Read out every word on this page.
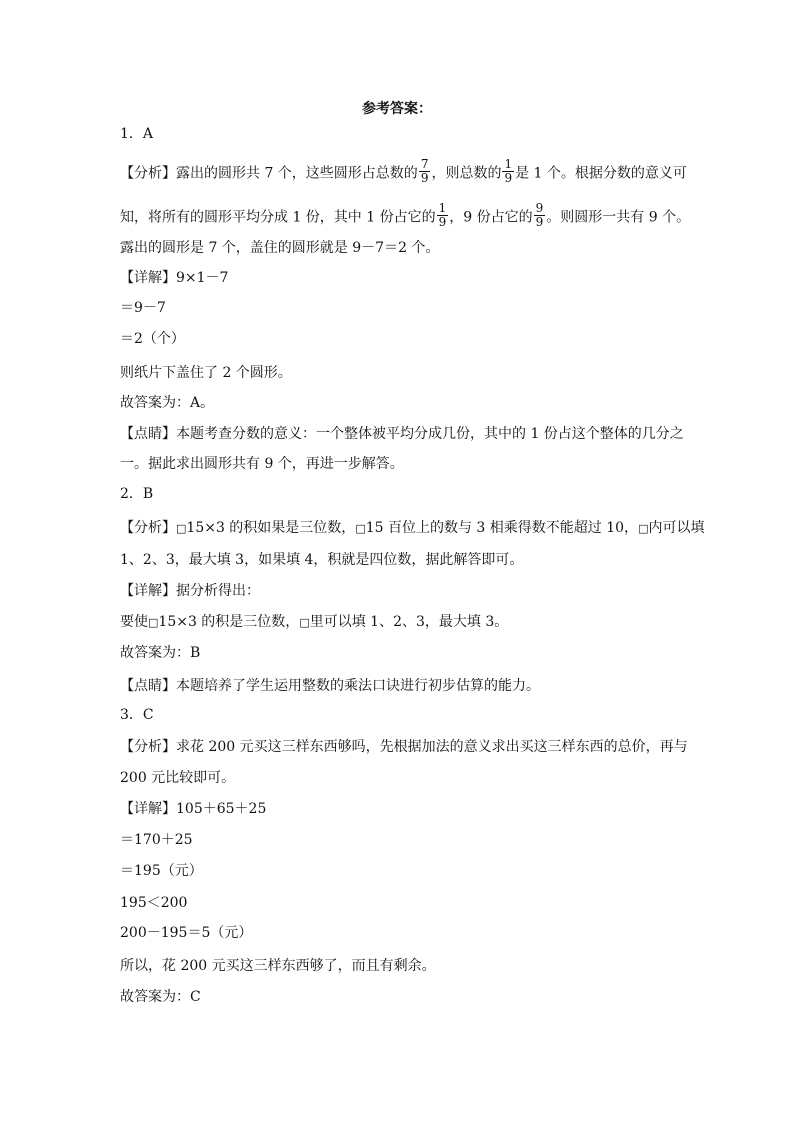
参考答案：
1．A
【分析】露出的圆形共 7 个，这些圆形占总数的 $\frac{7}{9}$ ，则总数的 $\frac{1}{9}$ 是 1 个。根据分数的意义可
知，将所有的圆形平均分成 1 份，其中 1 份占它的 $\frac{1}{9}$ ，9 份占它的 $\frac{9}{9}$ 。则圆形一共有 9 个。
露出的圆形是 7 个，盖住的圆形就是 9－7＝2 个。
【详解】9×1－7
＝9－7
＝2（个）
则纸片下盖住了 2 个圆形。
故答案为：A。
【点睛】本题考查分数的意义：一个整体被平均分成几份，其中的 1 份占这个整体的几分之
一。据此求出圆形共有 9 个，再进一步解答。
2．B
【分析】□15×3 的积如果是三位数，□15 百位上的数与 3 相乘得数不能超过 10，□内可以填
1、2、3，最大填 3，如果填 4，积就是四位数，据此解答即可。
【详解】据分析得出：
要使□15×3 的积是三位数，□里可以填 1、2、3，最大填 3。
故答案为：B
【点睛】本题培养了学生运用整数的乘法口诀进行初步估算的能力。
3．C
【分析】求花 200 元买这三样东西够吗，先根据加法的意义求出买这三样东西的总价，再与
200 元比较即可。
【详解】105＋65＋25
＝170＋25
＝195（元）
195＜200
200－195＝5（元）
所以，花 200 元买这三样东西够了，而且有剩余。
故答案为：C
